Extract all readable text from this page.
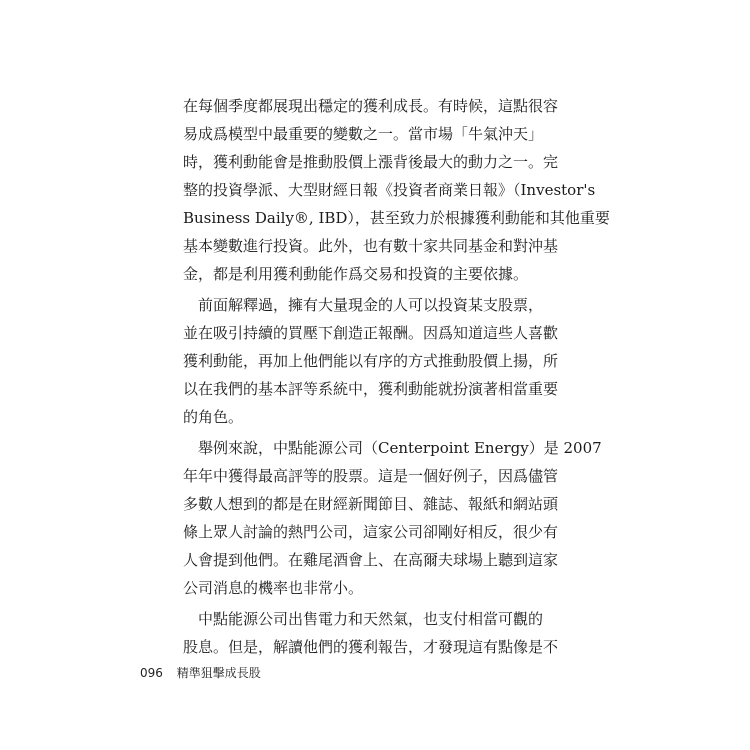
在每個季度都展現出穩定的獲利成長。有時候，這點很容
易成爲模型中最重要的變數之一。當市場「牛氣沖天」
時，獲利動能會是推動股價上漲背後最大的動力之一。完
整的投資學派、大型財經日報《投資者商業日報》（Investor's
Business Daily®, IBD），甚至致力於根據獲利動能和其他重要
基本變數進行投資。此外，也有數十家共同基金和對沖基
金，都是利用獲利動能作爲交易和投資的主要依據。
前面解釋過，擁有大量現金的人可以投資某支股票，
並在吸引持續的買壓下創造正報酬。因爲知道這些人喜歡
獲利動能，再加上他們能以有序的方式推動股價上揚，所
以在我們的基本評等系統中，獲利動能就扮演著相當重要
的角色。
舉例來說，中點能源公司（Centerpoint Energy）是 2007
年年中獲得最高評等的股票。這是一個好例子，因爲儘管
多數人想到的都是在財經新聞節目、雜誌、報紙和網站頭
條上眾人討論的熱門公司，這家公司卻剛好相反，很少有
人會提到他們。在雞尾酒會上、在高爾夫球場上聽到這家
公司消息的機率也非常小。
中點能源公司出售電力和天然氣，也支付相當可觀的
股息。但是，解讀他們的獲利報告，才發現這有點像是不
096 精準狙擊成長股
